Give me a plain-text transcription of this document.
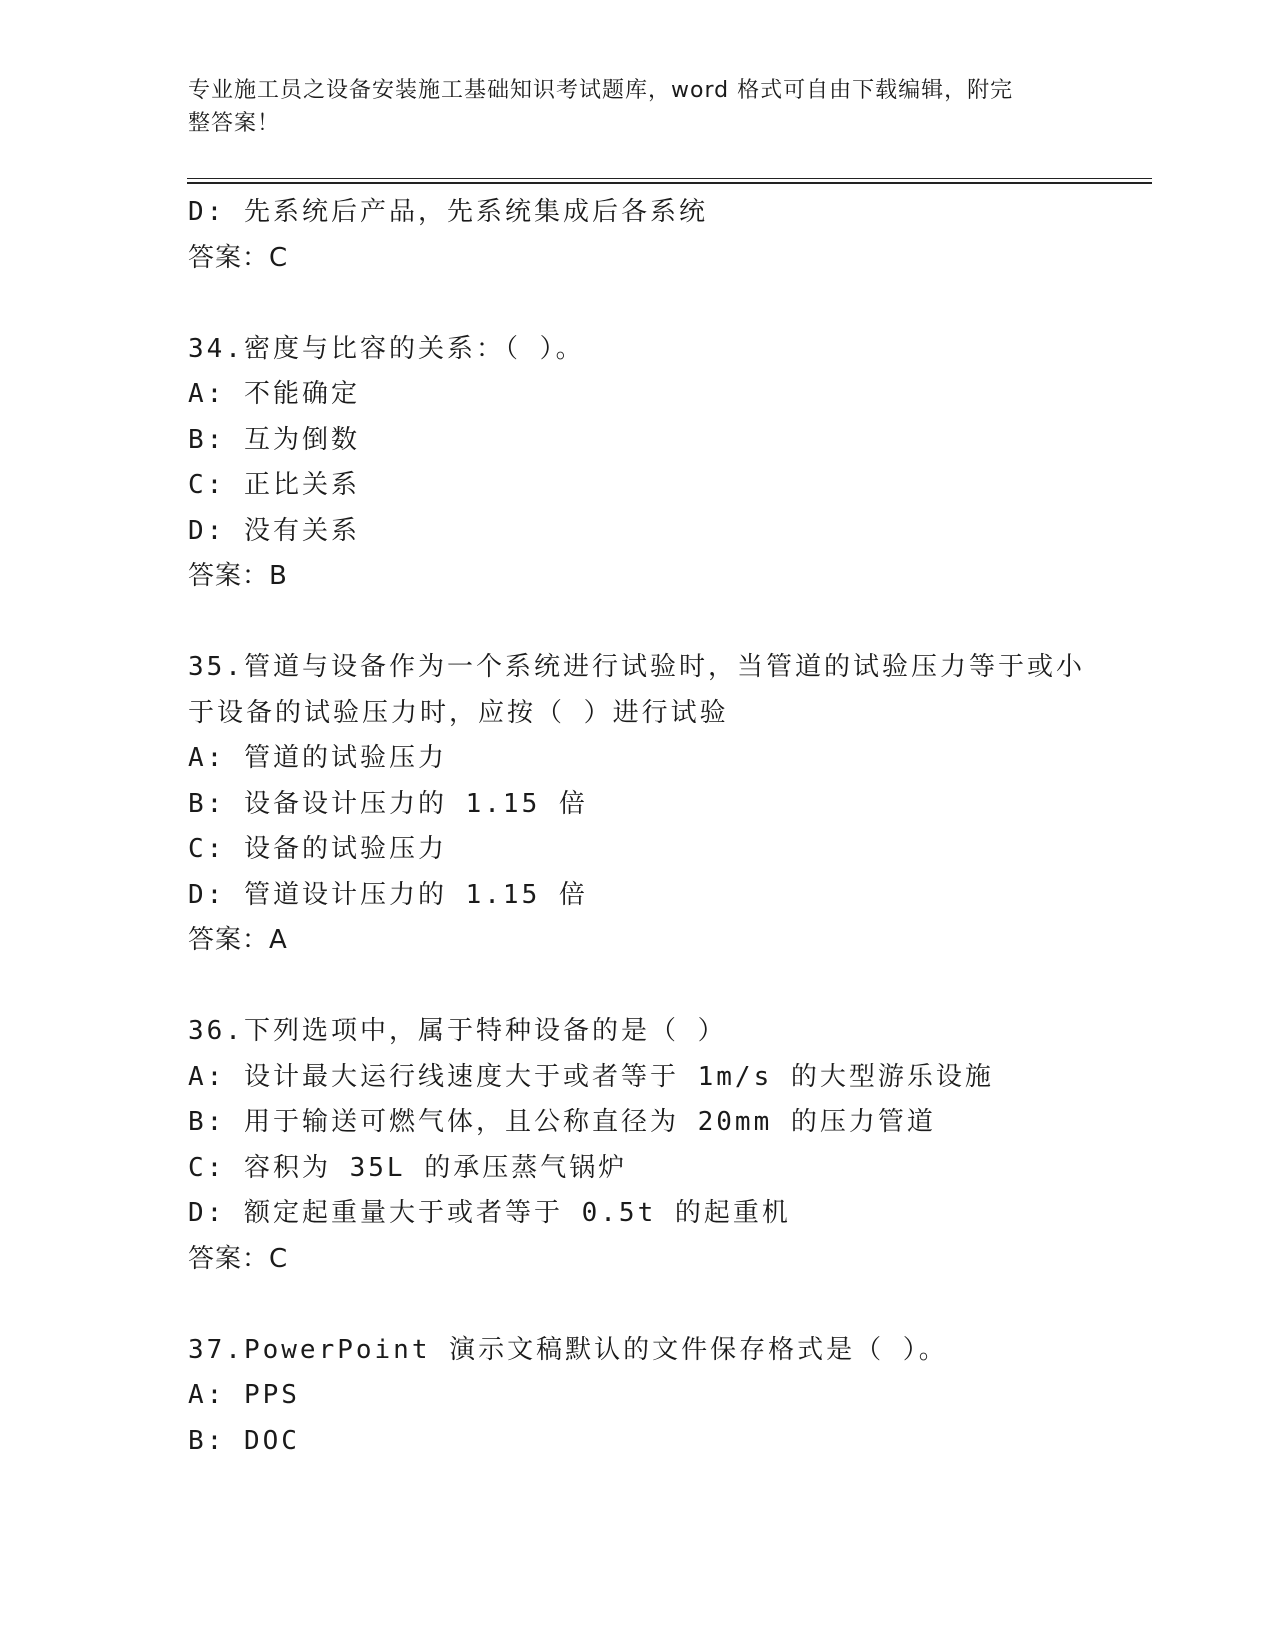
专业施工员之设备安装施工基础知识考试题库，word 格式可自由下载编辑，附完
整答案！
D: 先系统后产品，先系统集成后各系统
答案：C
34.密度与比容的关系：（ ）。
A: 不能确定
B: 互为倒数
C: 正比关系
D: 没有关系
答案：B
35.管道与设备作为一个系统进行试验时，当管道的试验压力等于或小
于设备的试验压力时，应按（ ）进行试验
A: 管道的试验压力
B: 设备设计压力的 1.15 倍
C: 设备的试验压力
D: 管道设计压力的 1.15 倍
答案：A
36.下列选项中，属于特种设备的是（ ）
A: 设计最大运行线速度大于或者等于 1m/s 的大型游乐设施
B: 用于输送可燃气体，且公称直径为 20mm 的压力管道
C: 容积为 35L 的承压蒸气锅炉
D: 额定起重量大于或者等于 0.5t 的起重机
答案：C
37.PowerPoint 演示文稿默认的文件保存格式是（ ）。
A: PPS
B: DOC
